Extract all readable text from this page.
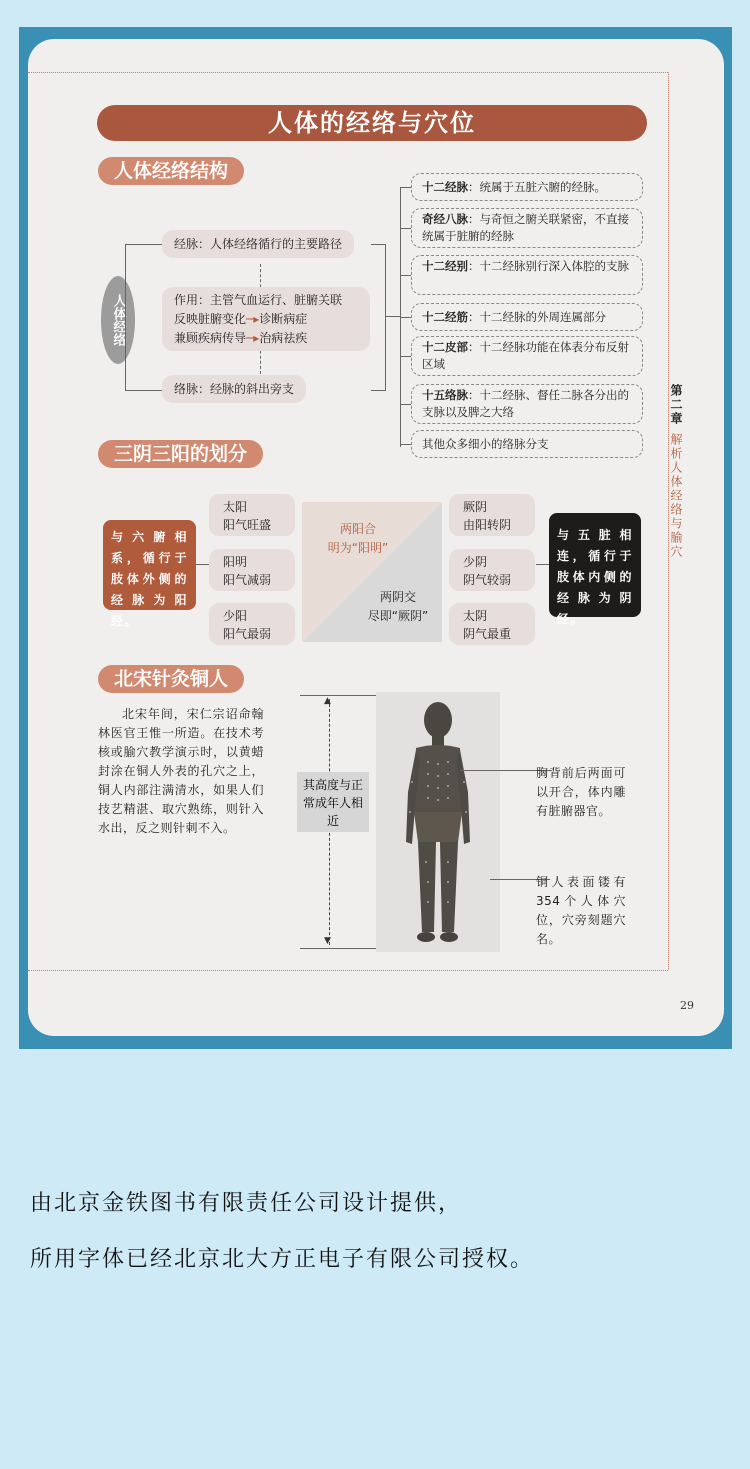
人体的经络与穴位
人体经络结构
人体经络
经脉：人体经络循行的主要路径
作用：主管气血运行、脏腑关联
反映脏腑变化─▸诊断病症
兼顾疾病传导─▸治病祛疾
络脉：经脉的斜出旁支
十二经脉：统属于五脏六腑的经脉。
奇经八脉：与奇恒之腑关联紧密，不直接统属于脏腑的经脉
十二经别：十二经脉别行深入体腔的支脉
十二经筋：十二经脉的外周连属部分
十二皮部：十二经脉功能在体表分布反射区域
十五络脉：十二经脉、督任二脉各分出的支脉以及脾之大络
其他众多细小的络脉分支
三阴三阳的划分
与六腑相系，循行于肢体外侧的经脉为阳经。
与五脏相连，循行于肢体内侧的经脉为阴经。
太阳
阳气旺盛
阳明
阳气减弱
少阳
阳气最弱
两阳合
明为“阳明”
两阴交
尽即“厥阴”
厥阴
由阳转阴
少阴
阴气较弱
太阴
阴气最重
北宋针灸铜人
北宋年间，宋仁宗诏命翰林医官王惟一所造。在技术考核或腧穴教学演示时，以黄蜡封涂在铜人外表的孔穴之上，铜人内部注满清水，如果人们技艺精湛、取穴熟练，则针入水出，反之则针刺不入。
▲
▼
其高度与正常成年人相近
胸背前后两面可以开合，体内雕有脏腑器官。
铜人表面镂有354个人体穴位，穴旁刻题穴名。
第二章
解析人体经络与腧穴
29
由北京金铁图书有限责任公司设计提供，
所用字体已经北京北大方正电子有限公司授权。
